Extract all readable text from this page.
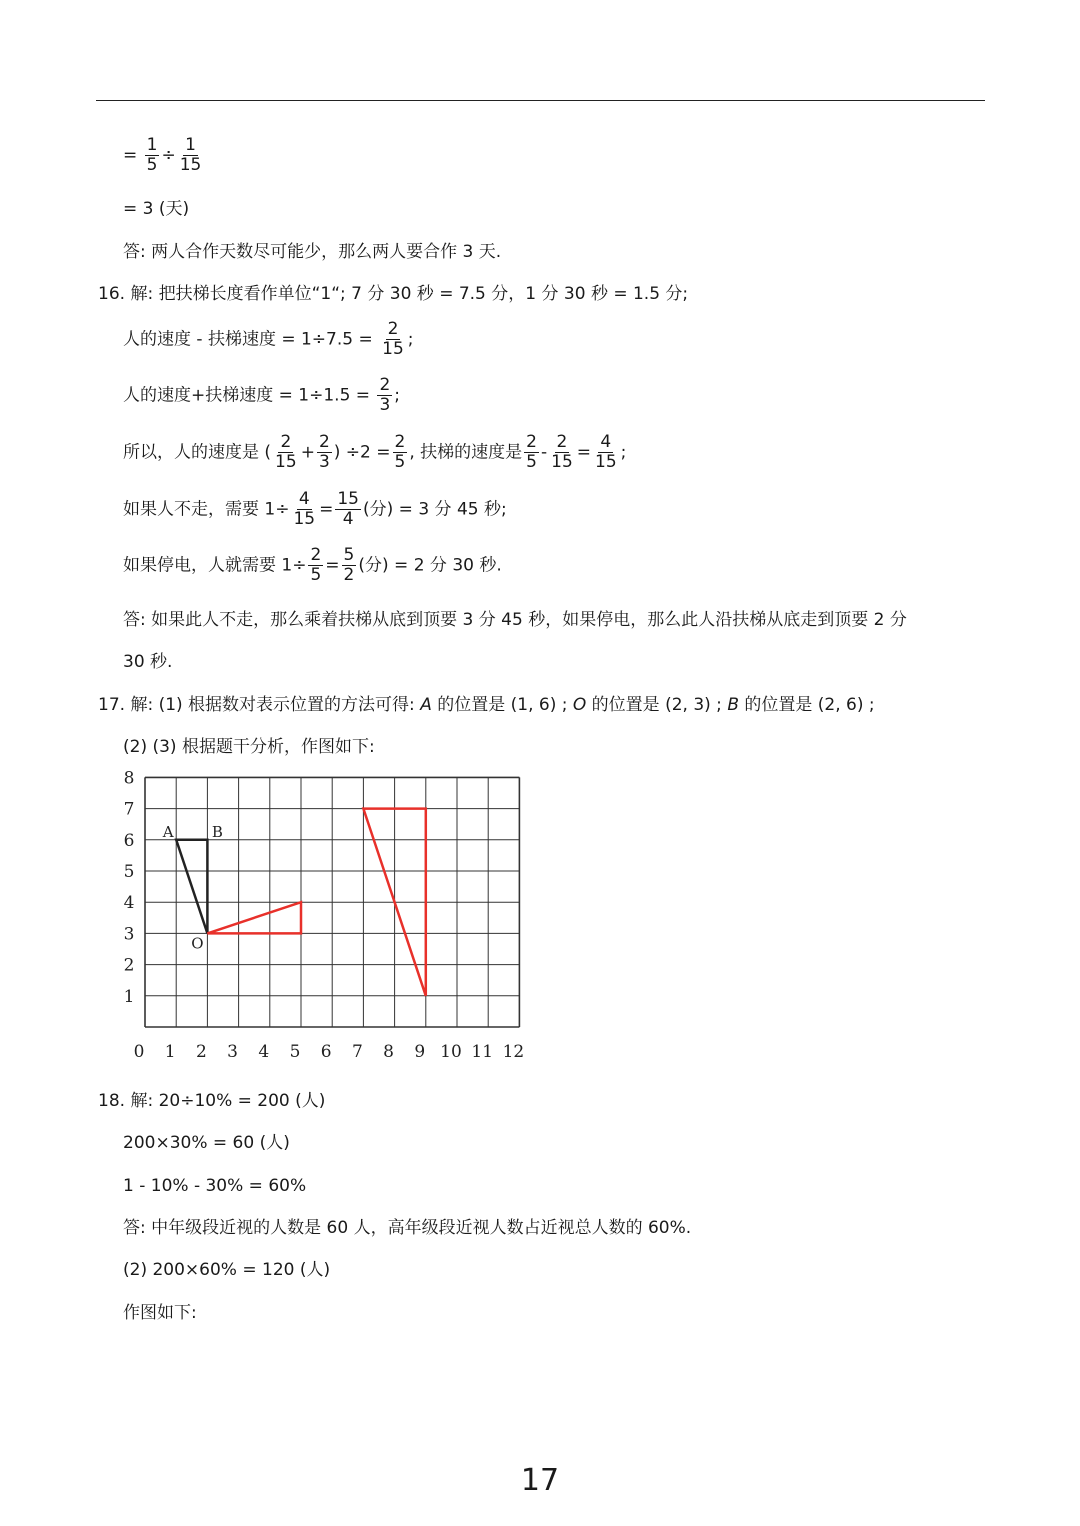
= $\frac{1}{5} \div \frac{1}{15}$
= 3 (天)
答: 两人合作天数尽可能少，那么两人要合作 3 天.
16. 解: 把扶梯长度看作单位“1“; 7 分 30 秒 = 7.5 分，1 分 30 秒 = 1.5 分;
人的速度 - 扶梯速度 = $1\div 7.5 = \frac{2}{15}$ ;
人的速度+扶梯速度 = $1\div 1.5 = \frac{2}{3}$ ;
所以，人的速度是 ( $\frac{2}{15} + \frac{2}{3}$ ) $\div 2 = \frac{2}{5}$ , 扶梯的速度是 $\frac{2}{5} - \frac{2}{15} = \frac{4}{15}$ ;
如果人不走，需要 $1\div \frac{4}{15} = \frac{15}{4}$ (分) = 3 分 45 秒;
如果停电，人就需要 $1\div \frac{2}{5} = \frac{5}{2}$ (分) = 2 分 30 秒.
答: 如果此人不走，那么乘着扶梯从底到顶要 3 分 45 秒，如果停电，那么此人沿扶梯从底走到顶要 2 分
30 秒.
17. 解: (1) 根据数对表示位置的方法可得: A 的位置是 (1, 6) ; O 的位置是 (2, 3) ; B 的位置是 (2, 6) ;
(2) (3) 根据题干分析，作图如下:
0 1 2 3 4 5 6 7 8 9 10 11 12
1
2
3
4
5
6
7
8
A	B
O
18. 解: 20÷10% = 200 (人)
200×30% = 60 (人)
1 - 10% - 30% = 60%
答: 中年级段近视的人数是 60 人，高年级段近视人数占近视总人数的 60%.
(2) 200×60% = 120 (人)
作图如下:
17
